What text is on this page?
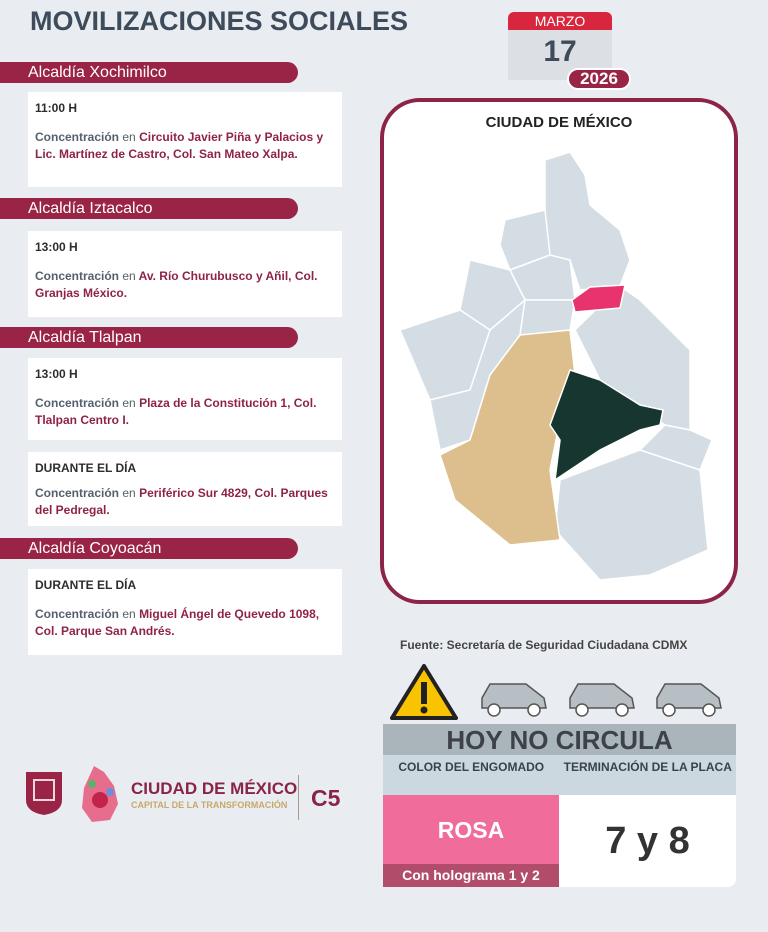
MOVILIZACIONES SOCIALES	MARZO
17
2026
Alcaldía Xochimilco
11:00 H
Concentración en Circuito Javier Piña y Palacios y Lic. Martínez de Castro, Col. San Mateo Xalpa.
Alcaldía Iztacalco
13:00 H
Concentración en Av. Río Churubusco y Añil, Col. Granjas México.
Alcaldía Tlalpan
13:00 H
Concentración en Plaza de la Constitución 1, Col. Tlalpan Centro I.
DURANTE EL DÍA
Concentración en Periférico Sur 4829, Col. Parques del Pedregal.
Alcaldía Coyoacán
DURANTE EL DÍA
Concentración en Miguel Ángel de Quevedo 1098, Col. Parque San Andrés.
CIUDAD DE MÉXICO
Fuente: Secretaría de Seguridad Ciudadana CDMX
HOY NO CIRCULA
COLOR DEL ENGOMADO	TERMINACIÓN DE LA PLACA
ROSA
Con holograma 1 y 2
7 y 8
CIUDAD DE MÉXICO
CAPITAL DE LA TRANSFORMACIÓN C5
